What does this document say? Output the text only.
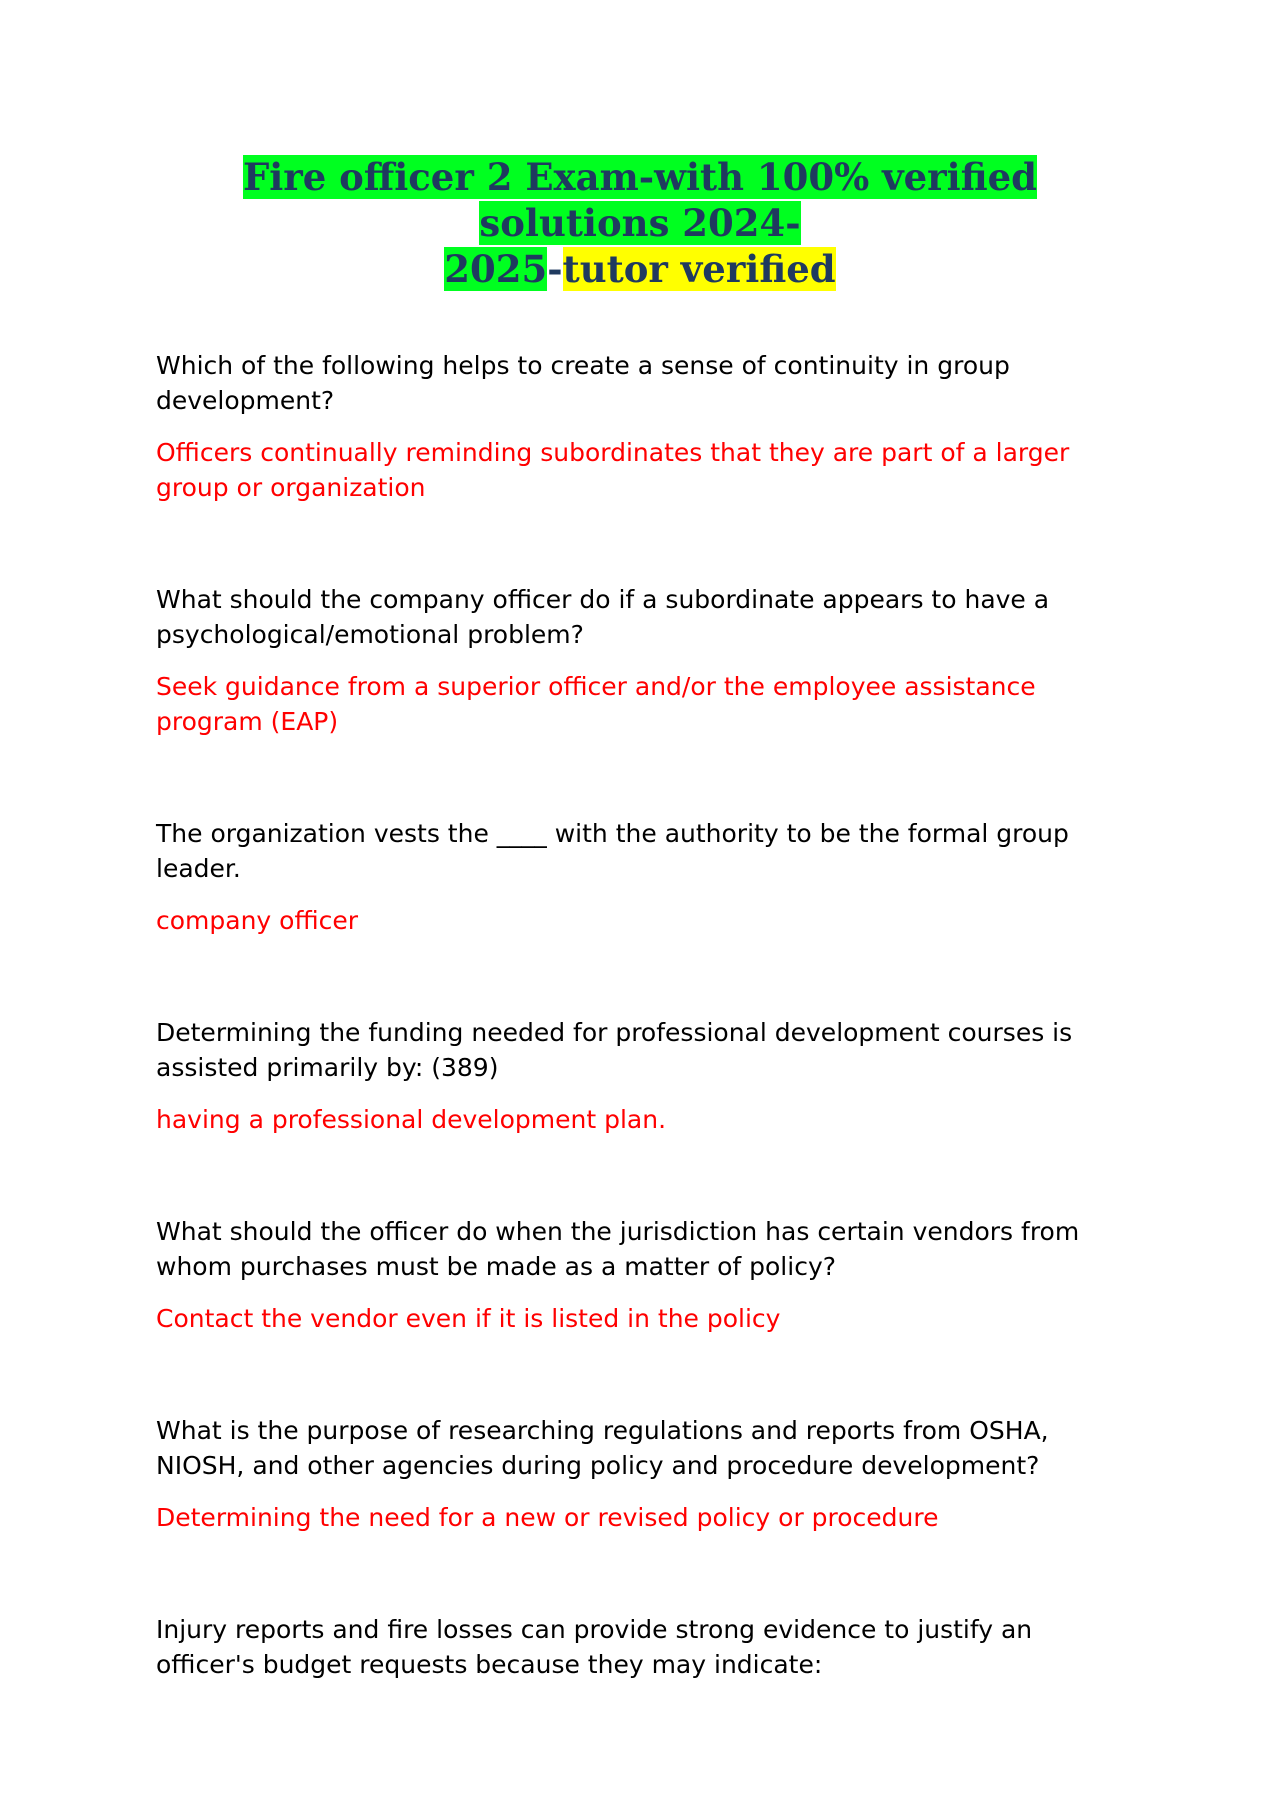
Fire officer 2 Exam-with 100% verified solutions 2024-
2025-tutor verified

Which of the following helps to create a sense of continuity in group development?

Officers continually reminding subordinates that they are part of a larger group or organization

What should the company officer do if a subordinate appears to have a psychological/emotional problem?

Seek guidance from a superior officer and/or the employee assistance program (EAP)

The organization vests the ____ with the authority to be the formal group leader.

company officer

Determining the funding needed for professional development courses is assisted primarily by: (389)

having a professional development plan.

What should the officer do when the jurisdiction has certain vendors from whom purchases must be made as a matter of policy?

Contact the vendor even if it is listed in the policy

What is the purpose of researching regulations and reports from OSHA, NIOSH, and other agencies during policy and procedure development?

Determining the need for a new or revised policy or procedure

Injury reports and fire losses can provide strong evidence to justify an officer's budget requests because they may indicate:
